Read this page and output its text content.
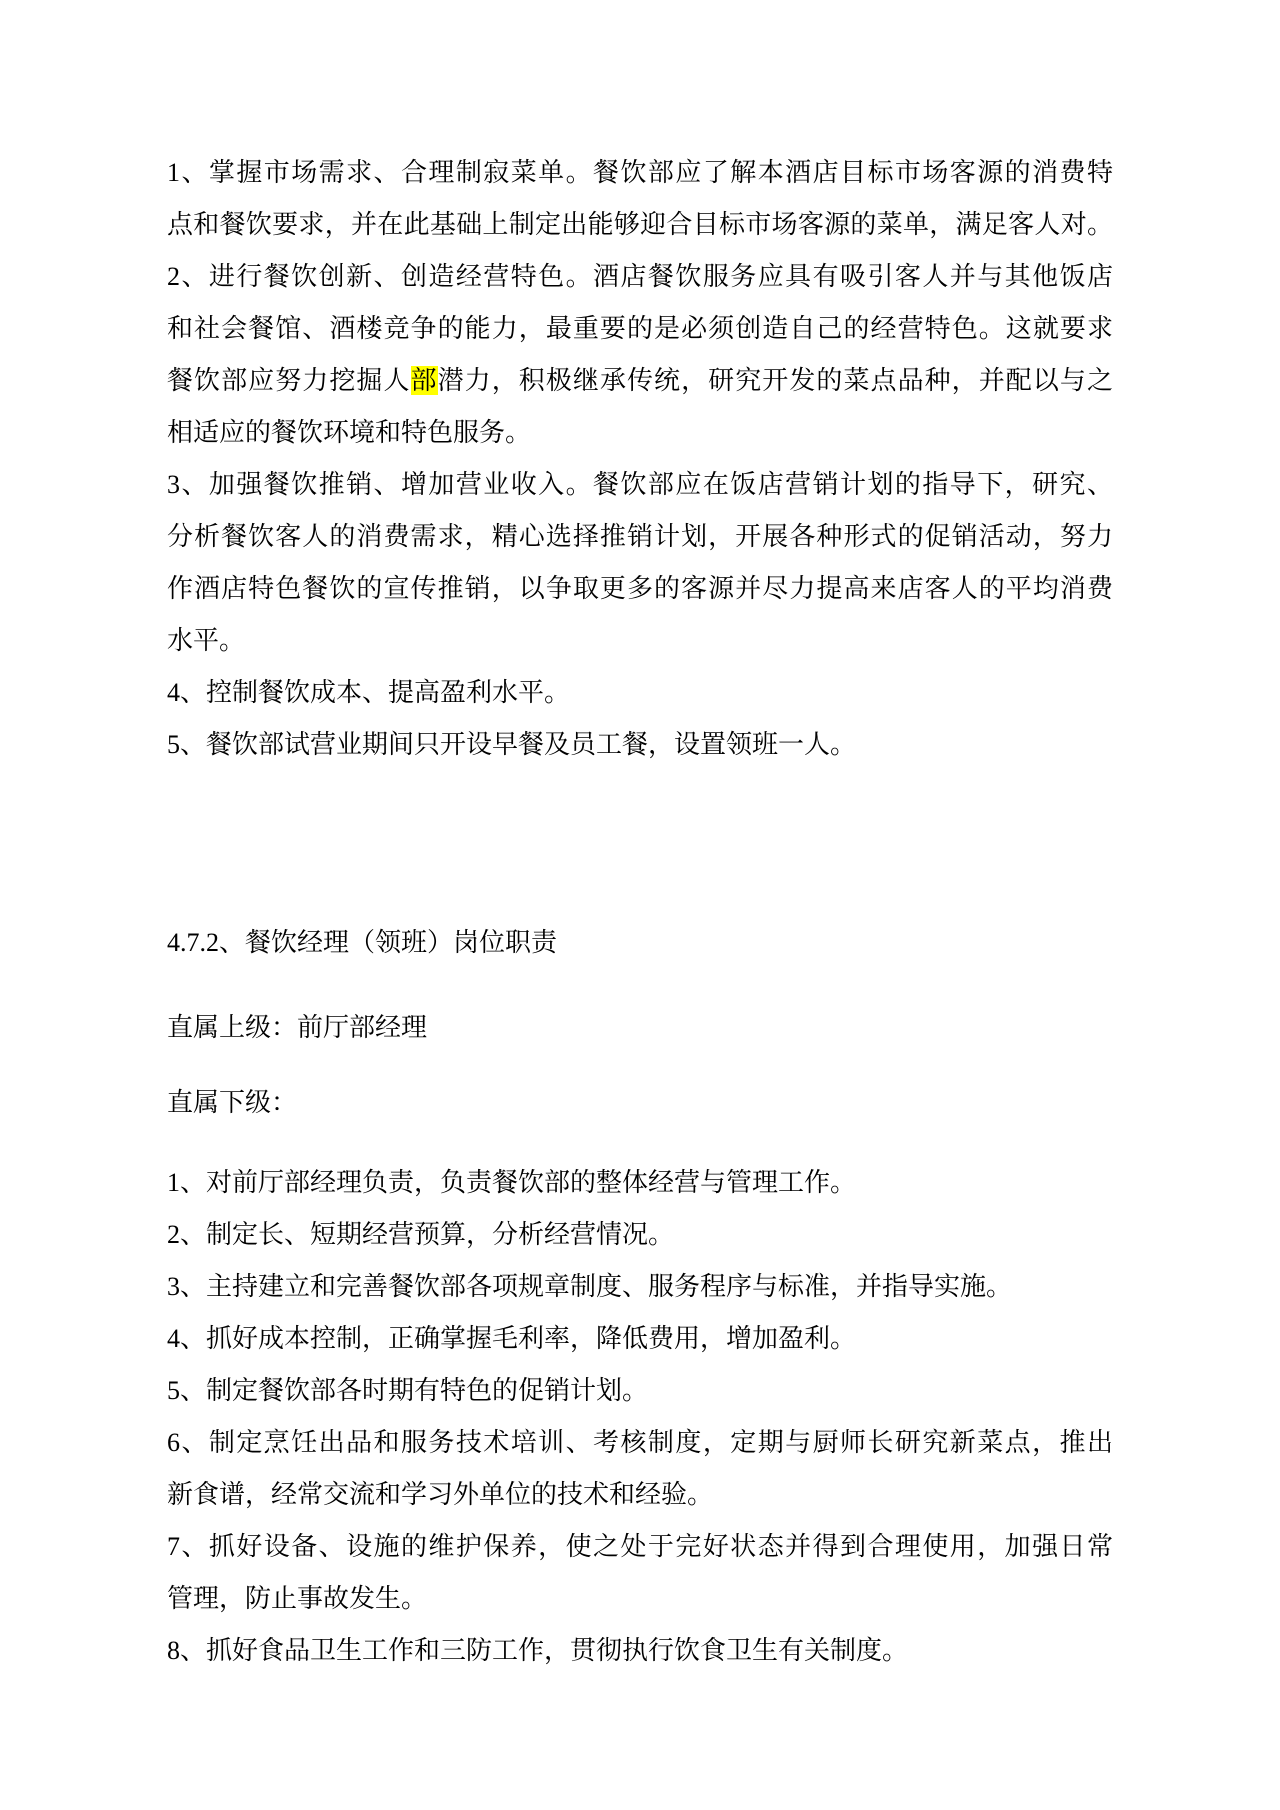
1、掌握市场需求、合理制寂菜单。餐饮部应了解本酒店目标市场客源的消费特
点和餐饮要求，并在此基础上制定出能够迎合目标市场客源的菜单，满足客人对。
2、进行餐饮创新、创造经营特色。酒店餐饮服务应具有吸引客人并与其他饭店
和社会餐馆、酒楼竞争的能力，最重要的是必须创造自己的经营特色。这就要求
餐饮部应努力挖掘人部潜力，积极继承传统，研究开发的菜点品种，并配以与之
相适应的餐饮环境和特色服务。
3、加强餐饮推销、增加营业收入。餐饮部应在饭店营销计划的指导下，研究、
分析餐饮客人的消费需求，精心选择推销计划，开展各种形式的促销活动，努力
作酒店特色餐饮的宣传推销，以争取更多的客源并尽力提高来店客人的平均消费
水平。
4、控制餐饮成本、提高盈利水平。
5、餐饮部试营业期间只开设早餐及员工餐，设置领班一人。
4.7.2、餐饮经理（领班）岗位职责
直属上级：前厅部经理
直属下级：
1、对前厅部经理负责，负责餐饮部的整体经营与管理工作。
2、制定长、短期经营预算，分析经营情况。
3、主持建立和完善餐饮部各项规章制度、服务程序与标准，并指导实施。
4、抓好成本控制，正确掌握毛利率，降低费用，增加盈利。
5、制定餐饮部各时期有特色的促销计划。
6、制定烹饪出品和服务技术培训、考核制度，定期与厨师长研究新菜点，推出
新食谱，经常交流和学习外单位的技术和经验。
7、抓好设备、设施的维护保养，使之处于完好状态并得到合理使用，加强日常
管理，防止事故发生。
8、抓好食品卫生工作和三防工作，贯彻执行饮食卫生有关制度。
